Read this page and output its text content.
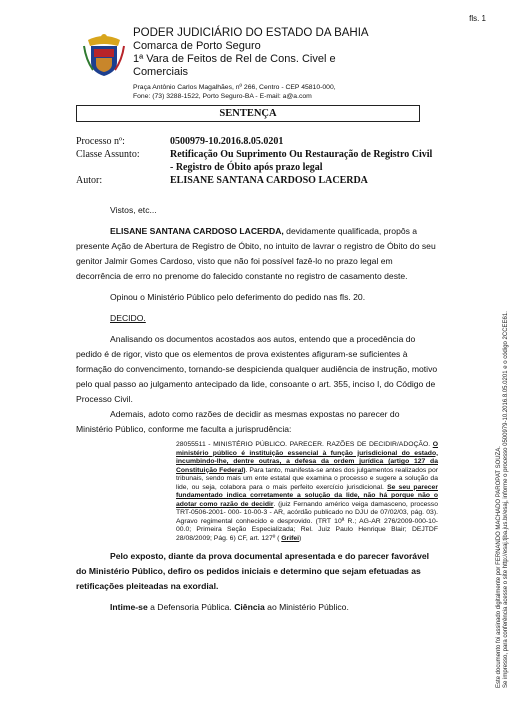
fls. 1
PODER JUDICIÁRIO DO ESTADO DA BAHIA
Comarca de Porto Seguro
1ª Vara de Feitos de Rel de Cons. Civel e
Comerciais
Praça Antônio Carlos Magalhães, nº 266, Centro - CEP 45810-000,
Fone: (73) 3288-1522, Porto Seguro-BA - E-mail: a@a.com
SENTENÇA
Processo nº:	0500979-10.2016.8.05.0201
Classe Assunto:	Retificação Ou Suprimento Ou Restauração de Registro Civil - Registro de Óbito após prazo legal
Autor:	ELISANE SANTANA CARDOSO LACERDA

Vistos, etc...

ELISANE SANTANA CARDOSO LACERDA, devidamente qualificada, propôs a presente Ação de Abertura de Registro de Óbito, no intuito de lavrar o registro de Óbito do seu genitor Jalmir Gomes Cardoso, visto que não foi possível fazê-lo no prazo legal em decorrência de erro no prenome do falecido constante no registro de casamento deste.

Opinou o Ministério Público pelo deferimento do pedido nas fls. 20.

DECIDO.

Analisando os documentos acostados aos autos, entendo que a procedência do pedido é de rigor, visto que os elementos de prova existentes afiguram-se suficientes à formação do convencimento, tornando-se despicienda qualquer audiência de instrução, motivo pelo qual passo ao julgamento antecipado da lide, consoante o art. 355, inciso I, do Código de Processo Civil.

Ademais, adoto como razões de decidir as mesmas expostas no parecer do Ministério Público, conforme me faculta a jurisprudência:

28055511 - MINISTÉRIO PÚBLICO. PARECER. RAZÕES DE DECIDIR/ADOÇÃO. O ministério público é instituição essencial à função jurisdicional do estado, incumbindo-lhe, dentre outras, a defesa da ordem jurídica (artigo 127 da Constituição Federal). Para tanto, manifesta-se antes dos julgamentos realizados por tribunais, sendo mais um ente estatal que examina o processo e sugere a solução da lide, ou seja, colabora para o mais perfeito exercício jurisdicional. Se seu parecer fundamentado indica corretamente a solução da lide, não há porque não o adotar como razão de decidir. (juiz Fernando américo veiga damasceno, processo TRT-0506-2001- 000- 10-00-3 - AR, acórdão publicado no DJU de 07/02/03, pág. 03). Agravo regimental conhecido e desprovido. (TRT 10ª R.; AG-AR 276/2009-000-10-00.0; Primeira Seção Especializada; Rel. Juiz Paulo Henrique Blair; DEJTDF 28/08/2009; Pág. 6) CF, art. 127º ( Grifei)

Pelo exposto, diante da prova documental apresentada e do parecer favorável do Ministério Público, defiro os pedidos iniciais e determino que sejam efetuadas as retificações pleiteadas na exordial.

Intime-se a Defensoria Pública. Ciência ao Ministério Público.	Este documento foi assinado digitalmente por FERNANDO MACHADO PAROPAT SOUZA. Se impresso, para conferência acesse o site http://esaj.tjba.jus.br/esaj, informe o processo 0500979-10.2016.8.05.0201 e o código 2CCEE61.
